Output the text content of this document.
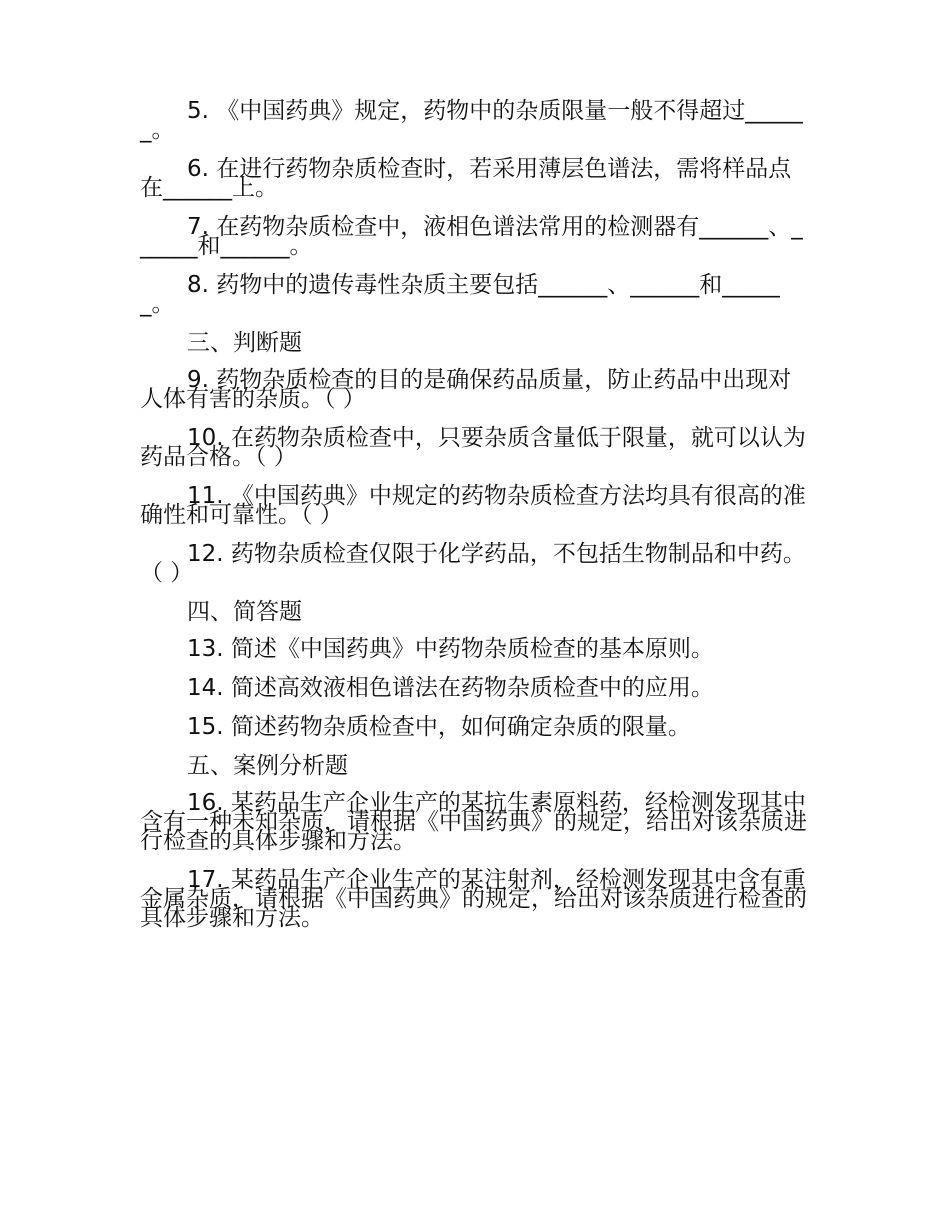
5. 《中国药典》规定，药物中的杂质限量一般不得超过______。

6. 在进行药物杂质检查时，若采用薄层色谱法，需将样品点在______上。

7. 在药物杂质检查中，液相色谱法常用的检测器有______、______和______。

8. 药物中的遗传毒性杂质主要包括______、______和______。

三、判断题

9. 药物杂质检查的目的是确保药品质量，防止药品中出现对人体有害的杂质。（ ）

10. 在药物杂质检查中，只要杂质含量低于限量，就可以认为药品合格。（ ）

11. 《中国药典》中规定的药物杂质检查方法均具有很高的准确性和可靠性。（ ）

12. 药物杂质检查仅限于化学药品，不包括生物制品和中药。（ ）

四、简答题

13. 简述《中国药典》中药物杂质检查的基本原则。

14. 简述高效液相色谱法在药物杂质检查中的应用。

15. 简述药物杂质检查中，如何确定杂质的限量。

五、案例分析题

16. 某药品生产企业生产的某抗生素原料药，经检测发现其中含有一种未知杂质，请根据《中国药典》的规定，给出对该杂质进行检查的具体步骤和方法。

17. 某药品生产企业生产的某注射剂，经检测发现其中含有重金属杂质，请根据《中国药典》的规定，给出对该杂质进行检查的具体步骤和方法。
